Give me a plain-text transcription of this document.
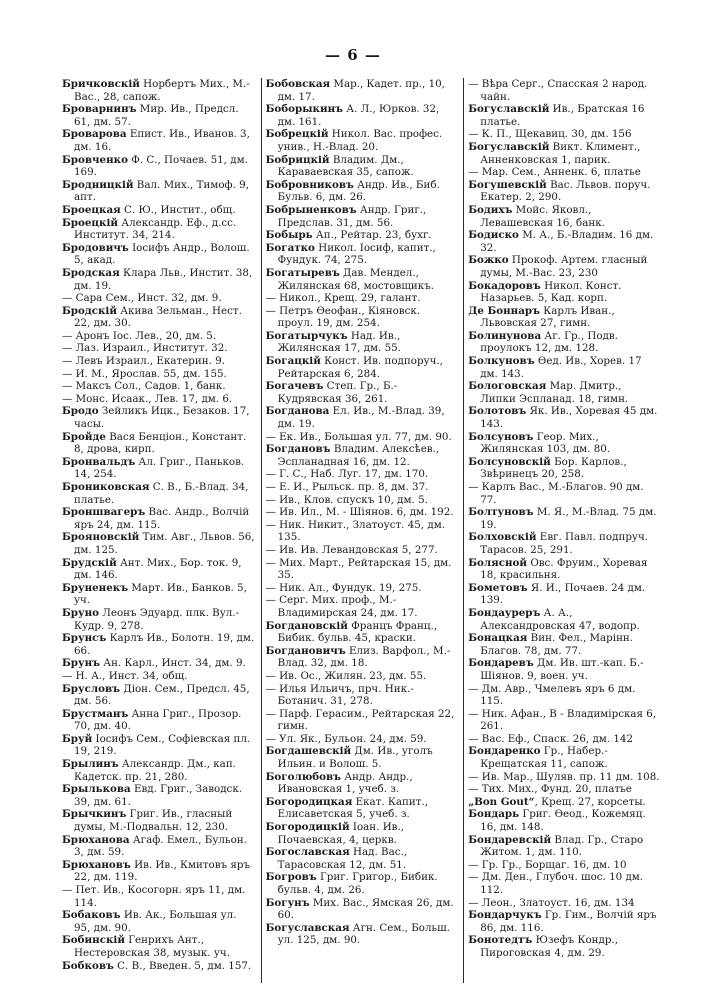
— 6 —

Бричковскій Норбертъ Мих., М.-Вас., 28, сапож.

Броварнинъ Мир. Ив., Предсл. 61, дм. 57.

Броварова Епист. Ив., Иванов. 3, дм. 16.

Бровченко Ф. С., Почаев. 51, дм. 169.

Бродницкій Вал. Мих., Тимоф. 9, апт.

Броецкая С. Ю., Инстит., общ.

Броецкій Александр. Еф., д.сс. Институт. 34, 214.

Бродовичъ Іосифъ Андр., Волош. 5, акад.

Бродская Клара Льв., Инстит. 38, дм. 19.

— Сара Сем., Инст. 32, дм. 9.

Бродскій Акива Зельман., Нест. 22, дм. 30.

— Аронъ Іос. Лев., 20, дм. 5.

— Лаз. Израил., Институт. 32.

— Левъ Израил., Екатерин. 9.

— И. М., Ярослав. 55, дм. 155.

— Максъ Сол., Садов. 1, банк.

— Монс. Исаак., Лев. 17, дм. 6.

Бродо Зейликъ Ицк., Безаков. 17, часы.

Бройде Вася Бенціон., Констант. 8, дрова, кирп.

Бронвальдъ Ал. Григ., Паньков. 14, 254.

Брониковская С. В., Б.-Влад. 34, платье.

Броншвагеръ Вас. Андр., Волчій яръ 24, дм. 115.

Брояновскій Тим. Авг., Львов. 56, дм. 125.

Брудскій Ант. Мих., Бор. ток. 9, дм. 146.

Бруненекъ Март. Ив., Банков. 5, уч.

Бруно Леонъ Эдуард. плк. Вул.-Кудр. 9, 278.

Брунсъ Карлъ Ив., Болотн. 19, дм. 66.

Брунъ Ан. Карл., Инст. 34, дм. 9.

— Н. А., Инст. 34, общ.

Брусловъ Діон. Сем., Предсл. 45, дм. 56.

Брустманъ Анна Григ., Прозор. 70, дм. 40.

Бруй Іосифъ Сем., Софіевская пл. 19, 219.

Брылинъ Александр. Дм., кап. Кадетск. пр. 21, 280.

Брылькова Евд. Григ., Заводск. 39, дм. 61.

Брычкинъ Григ. Ив., гласный думы, М.-Подвальн. 12, 230.

Брюханова Агаф. Емел., Бульон. 3, дм. 59.

Брюхановъ Ив. Ив., Кмитовъ яръ 22, дм. 119.

— Пет. Ив., Косогорн. яръ 11, дм. 114.

Бобаковъ Ив. Ак., Большая ул. 95, дм. 90.

Бобинскій Генрихъ Ант., Нестеровская 38, музык. уч.

Бобковъ С. В., Введен. 5, дм. 157.

Бобовская Мар., Кадет. пр., 10, дм. 17.

Боборыкинъ А. Л., Юрков. 32, дм. 161.

Бобрецкій Никол. Вас. профес. унив., Н.-Влад. 20.

Бобрицкій Владим. Дм., Караваевская 35, сапож.

Бобровниковъ Андр. Ив., Биб. Бульв. 6, дм. 26.

Бобрыненковъ Андр. Григ., Предслав. 31, дм. 56.

Бобырь Ап., Рейтар. 23, бухг.

Богатко Никол. Іосиф, капит., Фундук. 74, 275.

Богатыревъ Дав. Мендел., Жилянская 68, мостовщикъ.

— Никол., Крещ. 29, галант.

— Петръ Ѳеофан., Кіяновск. проул. 19, дм. 254.

Богатырчукъ Над. Ив., Жилянская 17, дм. 55.

Богацкій Конст. Ив. подпоруч., Рейтарская 6, 284.

Богачевъ Степ. Гр., Б.-Кудрявская 36, 261.

Богданова Ел. Ив., М.-Влад. 39, дм. 19.

— Ек. Ив., Большая ул. 77, дм. 90.

Богдановъ Владим. Алексѣев., Эспланадная 16, дм. 12.

— Г. С., Наб. Луг. 17, дм. 170.

— Е. И., Рыльск. пр. 8, дм. 37.

— Ив., Клов. спускъ 10, дм. 5.

— Ив. Ил., М. - Шіянов. 6, дм. 192.

— Ник. Никит., Златоуст. 45, дм. 135.

— Ив. Ив. Левандовская 5, 277.

— Мих. Март., Рейтарская 15, дм. 35.

— Ник. Ал., Фундук. 19, 275.

— Серг. Мих. проф., М.-Владимирская 24, дм. 17.

Богдановскій Францъ Франц., Бибик. бульв. 45, краски.

Богдановичъ Елиз. Варфол., М.-Влад. 32, дм. 18.

— Ив. Ос., Жилян. 23, дм. 55.

— Илья Ильичъ, прч. Ник.-Ботанич. 31, 278.

— Парф. Герасим., Рейтарская 22, гимн.

— Ул. Як., Бульон. 24, дм. 59.

Богдашевскій Дм. Ив., уголъ Ильин. и Волош. 5.

Боголюбовъ Андр. Андр., Ивановская 1, учеб. з.

Богородицкая Екат. Капит., Елисаветская 5, учеб. з.

Богородицкій Іоан. Ив., Почаевская, 4, церкв.

Богославская Над. Вас., Тарасовская 12, дм. 51.

Богровъ Григ. Григор., Бибик. бульв. 4, дм. 26.

Богунъ Мих. Вас., Ямская 26, дм. 60.

Богуславская Агн. Сем., Больш. ул. 125, дм. 90.

— Вѣра Серг., Спасская 2 народ. чайн.

Богуславскій Ив., Братская 16 платье.

— К. П., Щекавиц. 30, дм. 156

Богуславскій Викт. Климент., Анненковская 1, парик.

— Мар. Сем., Анненк. 6, платье

Богушевскій Вас. Львов. поруч. Екатер. 2, 290.

Бодихъ Мойс. Яковл., Левашевская 16, банк.

Бодиско М. А., Б.-Владим. 16 дм. 32.

Божко Прокоф. Артем. гласный думы, М.-Вас. 23, 230

Бокадоровъ Никол. Конст. Назарьев. 5, Кад. корп.

Де Боннаръ Карлъ Иван., Львовская 27, гимн.

Болинунова Аг. Гр., Подв. проулокъ 12, дм. 128.

Болкуновъ Ѳед. Ив., Хорев. 17 дм. 143.

Бологовская Мар. Дмитр., Липки Эспланад. 18, гимн.

Болотовъ Як. Ив., Хоревая 45 дм. 143.

Болсуновъ Геор. Мих., Жилянская 103, дм. 80.

Болсуновскій Бор. Карлов., Звѣринецъ 20, 258.

— Карлъ Вас., М.-Благов. 90 дм. 77.

Болтуновъ М. Я., М.-Влад. 75 дм. 19.

Болховскій Евг. Павл. подпруч. Тарасов. 25, 291.

Болясной Овс. Фруим., Хоревая 18, красильня.

Бометовъ Я. И., Почаев. 24 дм. 139.

Бондауреръ А. А., Александровская 47, водопр.

Бонацкая Вин. Фел., Марінн. Благов. 78, дм. 77.

Бондаревъ Дм. Ив. шт.-кап. Б.-Шіянов. 9, воен. уч.

— Дм. Авр., Чмелевъ яръ 6 дм. 115.

— Ник. Афан., В - Владимірская 6, 261.

— Вас. Еф., Спаск. 26, дм. 142

Бондаренко Гр., Набер.-Крещатская 11, сапож.

— Ив. Мар., Шуляв. пр. 11 дм. 108.

— Тих. Мих., Фунд. 20, платье

„Bon Gout“, Крещ. 27, корсеты.

Бондарь Григ. Ѳеод., Кожемяц. 16, дм. 148.

Бондаревскій Влад. Гр., Старо Житом. 1, дм. 110.

— Гр. Гр., Борщаг. 16, дм. 10

— Дм. Ден., Глубоч. шос. 10 дм. 112.

— Леон., Златоуст. 16, дм. 134

Бондарчукъ Гр. Гим., Волчій яръ 86, дм. 116.

Бонотедтъ Юзефъ Кондр., Пироговская 4, дм. 29.
